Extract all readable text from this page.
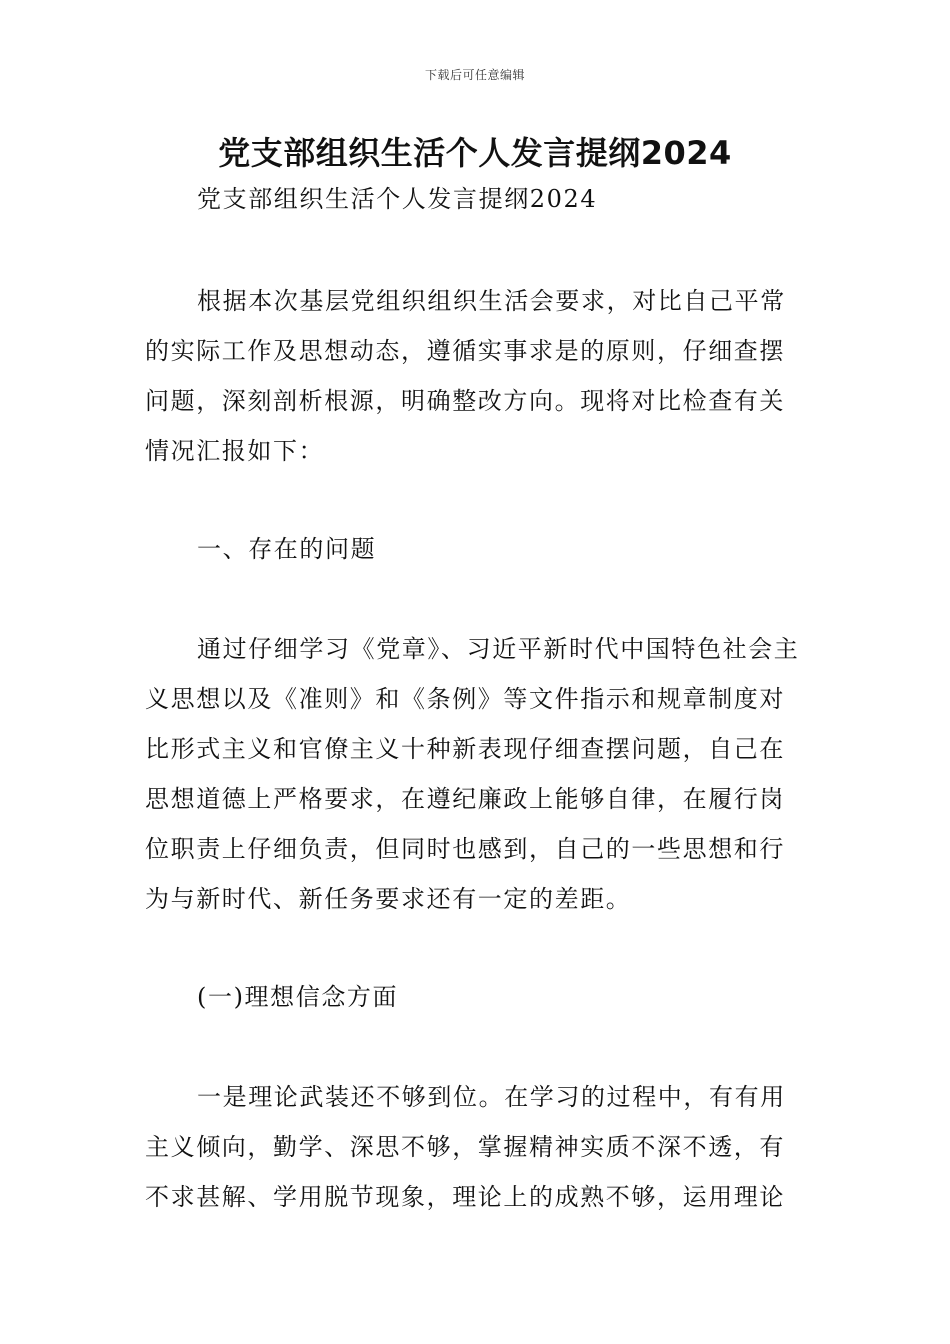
下载后可任意编辑
党支部组织生活个人发言提纲2024

党支部组织生活个人发言提纲2024

根据本次基层党组织组织生活会要求，对比自己平常的实际工作及思想动态，遵循实事求是的原则，仔细查摆问题，深刻剖析根源，明确整改方向。现将对比检查有关情况汇报如下：

一、存在的问题

通过仔细学习《党章》、习近平新时代中国特色社会主义思想以及《准则》和《条例》等文件指示和规章制度对比形式主义和官僚主义十种新表现仔细查摆问题，自己在思想道德上严格要求，在遵纪廉政上能够自律，在履行岗位职责上仔细负责，但同时也感到，自己的一些思想和行为与新时代、新任务要求还有一定的差距。

(一)理想信念方面

一是理论武装还不够到位。在学习的过程中，有有用主义倾向，勤学、深思不够，掌握精神实质不深不透，有不求甚解、学用脱节现象，理论上的成熟不够，运用理论
